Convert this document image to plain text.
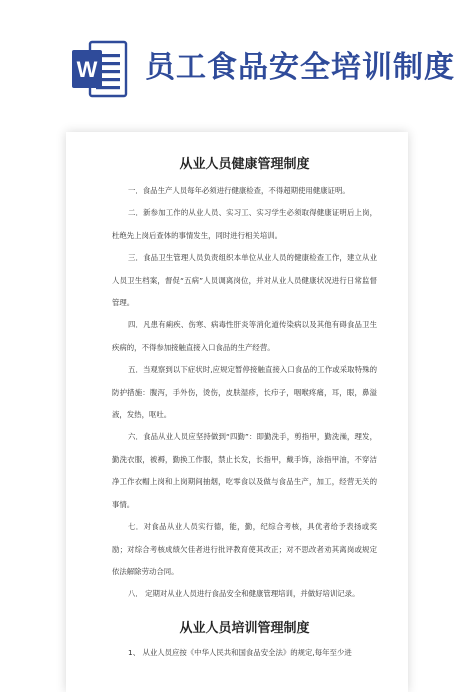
W 员工食品安全培训制度
从业人员健康管理制度

一．食品生产人员每年必须进行健康检查，不得超期使用健康证明。

二．新参加工作的从业人员、实习工、实习学生必须取得健康证明后上岗，杜绝先上岗后查体的事情发生，同时进行相关培训。

三．食品卫生管理人员负责组织本单位从业人员的健康检查工作，建立从业人员卫生档案，督促“五病”人员调离岗位，并对从业人员健康状况进行日常监督管理。

四．凡患有痢疾、伤寒、病毒性肝炎等消化道传染病以及其他有碍食品卫生疾病的，不得参加接触直接入口食品的生产经营。

五．当观察到以下症状时,应规定暂停接触直接入口食品的工作或采取特殊的防护措施：腹泻，手外伤，烫伤，皮肤湿疹，长疖子，咽喉疼痛，耳，眼，鼻溢液，发热，呕吐。

六．食品从业人员应坚持做到“四勤”：即勤洗手，剪指甲，勤洗澡，理发，勤洗衣服，被褥，勤换工作服，禁止长发，长指甲，戴手饰，涂指甲油，不穿洁净工作衣帽上岗和上岗期间抽烟，吃零食以及做与食品生产，加工，经营无关的事情。

七．对食品从业人员实行德，能，勤，纪综合考核，具优者给予表扬或奖励；对综合考核成绩欠佳者进行批评教育使其改正；对不思改者劝其离岗或规定依法解除劳动合同。

八． 定期对从业人员进行食品安全和健康管理培训，并做好培训记录。

从业人员培训管理制度

1、 从业人员应按《中华人民共和国食品安全法》的规定,每年至少进
